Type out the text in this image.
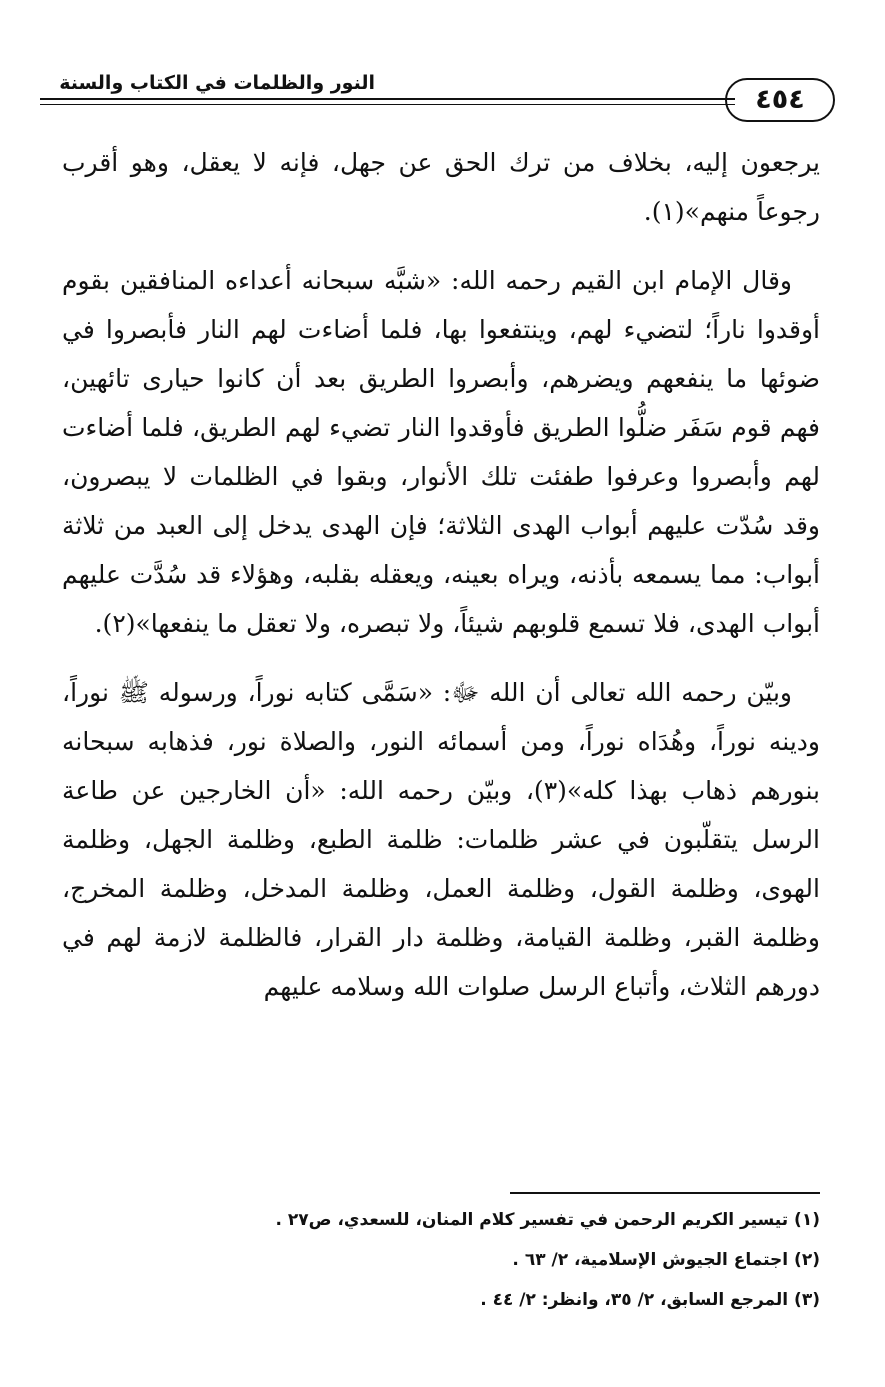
النور والظلمات في الكتاب والسنة
٤٥٤

يرجعون إليه، بخلاف من ترك الحق عن جهل، فإنه لا يعقل، وهو أقرب رجوعاً منهم»(١).

وقال الإمام ابن القيم رحمه الله: «شبَّه سبحانه أعداءه المنافقين بقوم أوقدوا ناراً؛ لتضيء لهم، وينتفعوا بها، فلما أضاءت لهم النار فأبصروا في ضوئها ما ينفعهم ويضرهم، وأبصروا الطريق بعد أن كانوا حيارى تائهين، فهم قوم سَفَر ضلُّوا الطريق فأوقدوا النار تضيء لهم الطريق، فلما أضاءت لهم وأبصروا وعرفوا طفئت تلك الأنوار، وبقوا في الظلمات لا يبصرون، وقد سُدّت عليهم أبواب الهدى الثلاثة؛ فإن الهدى يدخل إلى العبد من ثلاثة أبواب: مما يسمعه بأذنه، ويراه بعينه، ويعقله بقلبه، وهؤلاء قد سُدَّت عليهم أبواب الهدى، فلا تسمع قلوبهم شيئاً، ولا تبصره، ولا تعقل ما ينفعها»(٢).

وبيّن رحمه الله تعالى أن الله ﷻ: «سَمَّى كتابه نوراً، ورسوله ﷺ نوراً، ودينه نوراً، وهُدَاه نوراً، ومن أسمائه النور، والصلاة نور، فذهابه سبحانه بنورهم ذهاب بهذا كله»(٣)، وبيّن رحمه الله: «أن الخارجين عن طاعة الرسل يتقلّبون في عشر ظلمات: ظلمة الطبع، وظلمة الجهل، وظلمة الهوى، وظلمة القول، وظلمة العمل، وظلمة المدخل، وظلمة المخرج، وظلمة القبر، وظلمة القيامة، وظلمة دار القرار، فالظلمة لازمة لهم في دورهم الثلاث، وأتباع الرسل صلوات الله وسلامه عليهم

(١) تيسير الكريم الرحمن في تفسير كلام المنان، للسعدي، ص٢٧ .

(٢) اجتماع الجيوش الإسلامية، ٢/ ٦٣ .

(٣) المرجع السابق، ٢/ ٣٥، وانظر: ٢/ ٤٤ .
